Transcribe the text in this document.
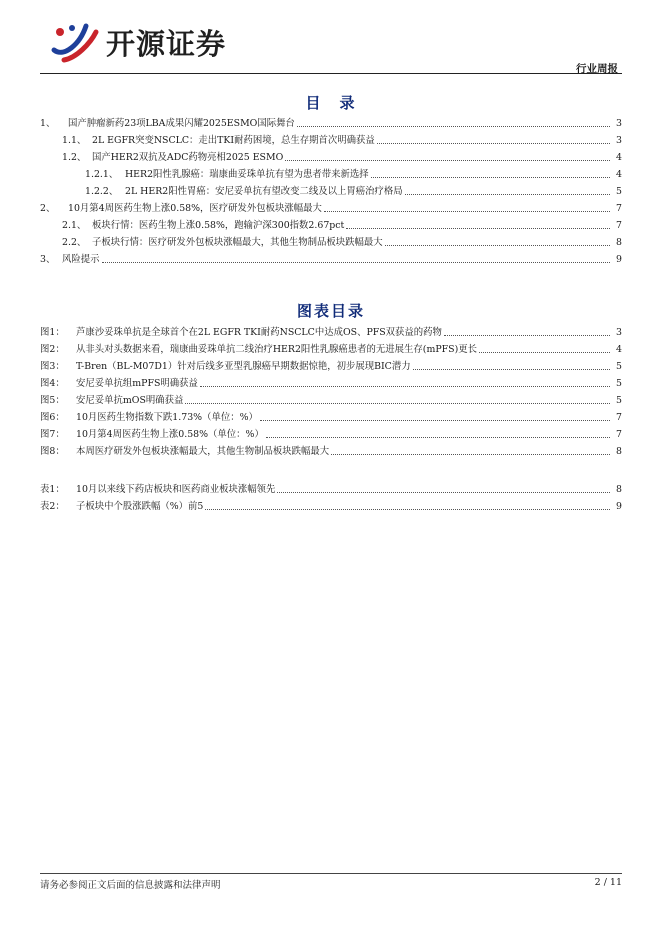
开源证券
行业周报
目　录
1、	国产肿瘤新药23项LBA成果闪耀2025ESMO国际舞台	3
1.1、 2L EGFR突变NSCLC：走出TKI耐药困境，总生存期首次明确获益	3
1.2、 国产HER2双抗及ADC药物亮相2025 ESMO	4
1.2.1、 HER2阳性乳腺癌：瑞康曲妥珠单抗有望为患者带来新选择	4
1.2.2、 2L HER2阳性胃癌：安尼妥单抗有望改变二线及以上胃癌治疗格局	5
2、	10月第4周医药生物上涨0.58%，医疗研发外包板块涨幅最大	7
2.1、 板块行情：医药生物上涨0.58%，跑输沪深300指数2.67pct	7
2.2、 子板块行情：医疗研发外包板块涨幅最大，其他生物制品板块跌幅最大	8
3、 风险提示	9
图表目录
图1：	芦康沙妥珠单抗是全球首个在2L EGFR TKI耐药NSCLC中达成OS、PFS双获益的药物	3
图2：	从非头对头数据来看，瑞康曲妥珠单抗二线治疗HER2阳性乳腺癌患者的无进展生存(mPFS)更长	4
图3：	T-Bren（BL-M07D1）针对后线多亚型乳腺癌早期数据惊艳，初步展现BIC潜力	5
图4：	安尼妥单抗组mPFS明确获益	5
图5：	安尼妥单抗mOS明确获益	5
图6：	10月医药生物指数下跌1.73%（单位：%）	7
图7：	10月第4周医药生物上涨0.58%（单位：%）	7
图8：	本周医疗研发外包板块涨幅最大，其他生物制品板块跌幅最大	8
表1：	10月以来线下药店板块和医药商业板块涨幅领先	8
表2：	子板块中个股涨跌幅（%）前5	9
请务必参阅正文后面的信息披露和法律声明	2 / 11
